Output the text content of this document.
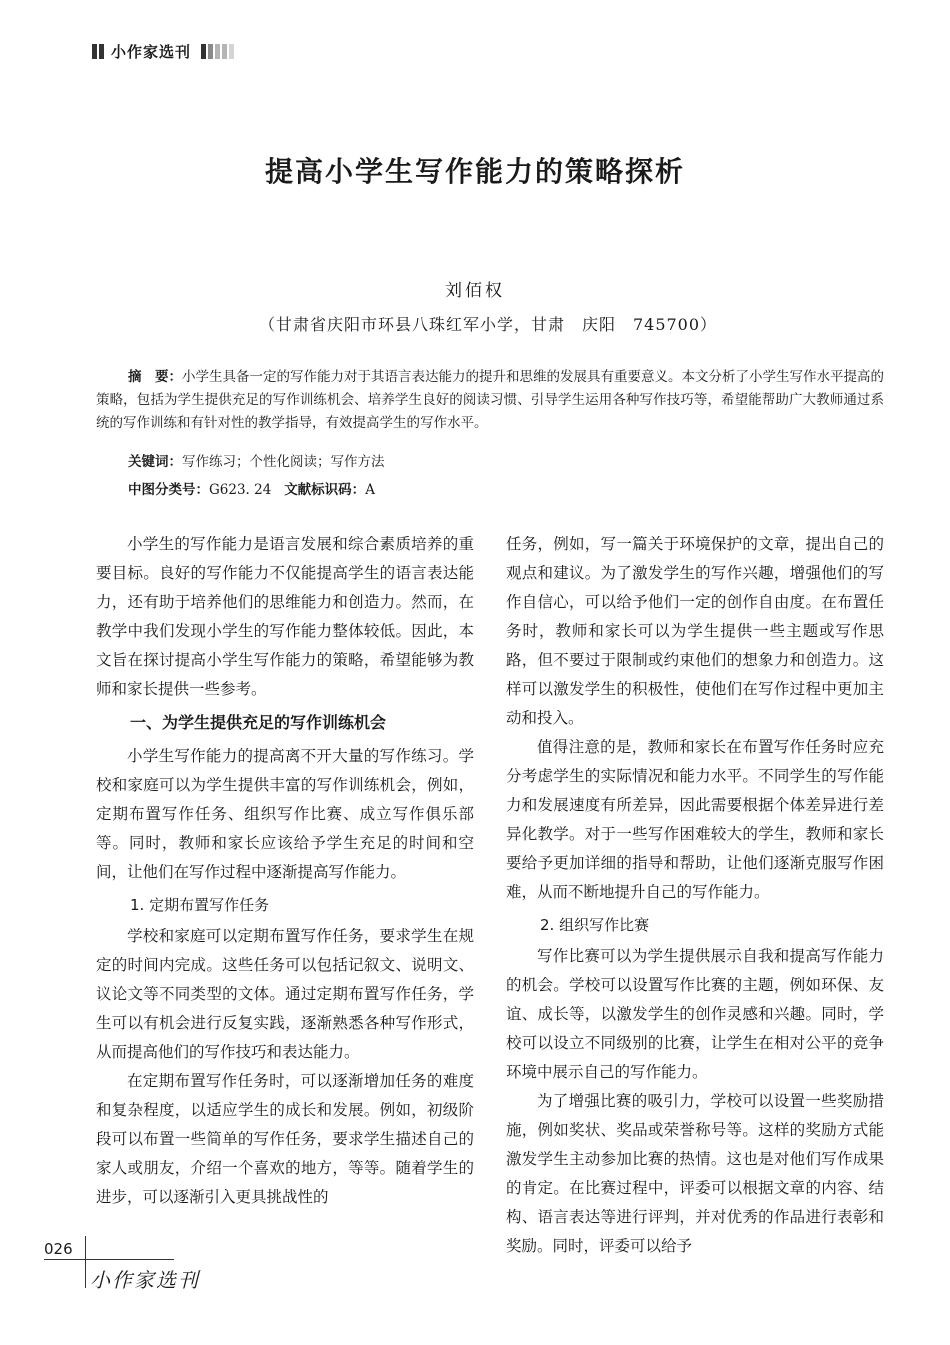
小作家选刊
提高小学生写作能力的策略探析
刘佰权
（甘肃省庆阳市环县八珠红军小学，甘肃　庆阳　745700）
摘　要：小学生具备一定的写作能力对于其语言表达能力的提升和思维的发展具有重要意义。本文分析了小学生写作水平提高的策略，包括为学生提供充足的写作训练机会、培养学生良好的阅读习惯、引导学生运用各种写作技巧等，希望能帮助广大教师通过系统的写作训练和有针对性的教学指导，有效提高学生的写作水平。
关键词：写作练习；个性化阅读；写作方法
中图分类号：G623. 24 文献标识码：A

小学生的写作能力是语言发展和综合素质培养的重要目标。良好的写作能力不仅能提高学生的语言表达能力，还有助于培养他们的思维能力和创造力。然而，在教学中我们发现小学生的写作能力整体较低。因此，本文旨在探讨提高小学生写作能力的策略，希望能够为教师和家长提供一些参考。

一、为学生提供充足的写作训练机会

小学生写作能力的提高离不开大量的写作练习。学校和家庭可以为学生提供丰富的写作训练机会，例如，定期布置写作任务、组织写作比赛、成立写作俱乐部等。同时，教师和家长应该给予学生充足的时间和空间，让他们在写作过程中逐渐提高写作能力。

1. 定期布置写作任务

学校和家庭可以定期布置写作任务，要求学生在规定的时间内完成。这些任务可以包括记叙文、说明文、议论文等不同类型的文体。通过定期布置写作任务，学生可以有机会进行反复实践，逐渐熟悉各种写作形式，从而提高他们的写作技巧和表达能力。

在定期布置写作任务时，可以逐渐增加任务的难度和复杂程度，以适应学生的成长和发展。例如，初级阶段可以布置一些简单的写作任务，要求学生描述自己的家人或朋友，介绍一个喜欢的地方，等等。随着学生的进步，可以逐渐引入更具挑战性的

任务，例如，写一篇关于环境保护的文章，提出自己的观点和建议。为了激发学生的写作兴趣，增强他们的写作自信心，可以给予他们一定的创作自由度。在布置任务时，教师和家长可以为学生提供一些主题或写作思路，但不要过于限制或约束他们的想象力和创造力。这样可以激发学生的积极性，使他们在写作过程中更加主动和投入。

值得注意的是，教师和家长在布置写作任务时应充分考虑学生的实际情况和能力水平。不同学生的写作能力和发展速度有所差异，因此需要根据个体差异进行差异化教学。对于一些写作困难较大的学生，教师和家长要给予更加详细的指导和帮助，让他们逐渐克服写作困难，从而不断地提升自己的写作能力。

2. 组织写作比赛

写作比赛可以为学生提供展示自我和提高写作能力的机会。学校可以设置写作比赛的主题，例如环保、友谊、成长等，以激发学生的创作灵感和兴趣。同时，学校可以设立不同级别的比赛，让学生在相对公平的竞争环境中展示自己的写作能力。

为了增强比赛的吸引力，学校可以设置一些奖励措施，例如奖状、奖品或荣誉称号等。这样的奖励方式能激发学生主动参加比赛的热情。这也是对他们写作成果的肯定。在比赛过程中，评委可以根据文章的内容、结构、语言表达等进行评判，并对优秀的作品进行表彰和奖励。同时，评委可以给予

026
小作家选刊
